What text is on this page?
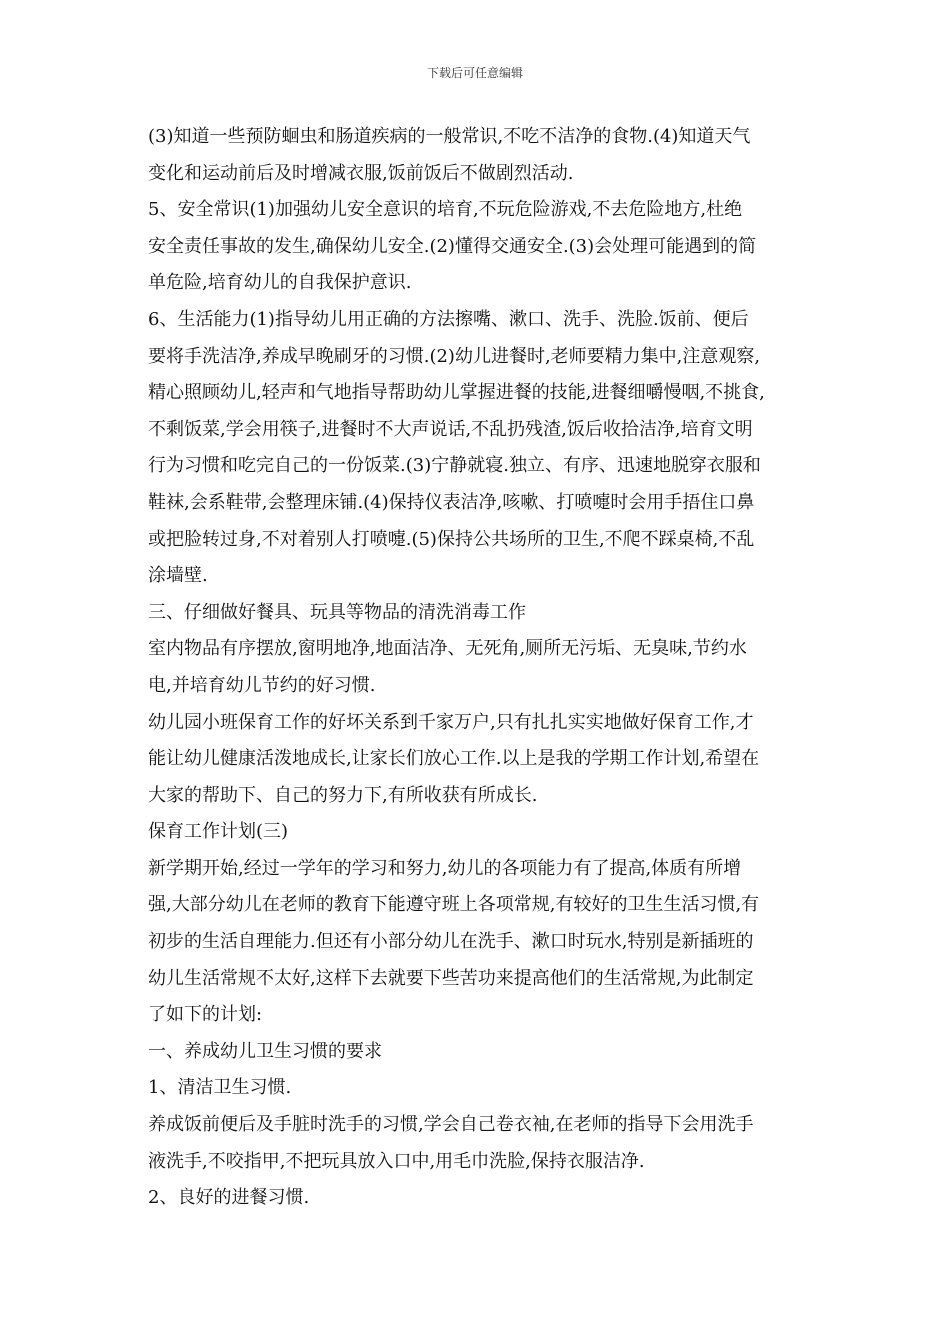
下载后可任意编辑
(3)知道一些预防蛔虫和肠道疾病的一般常识,不吃不洁净的食物.(4)知道天气
变化和运动前后及时增减衣服,饭前饭后不做剧烈活动.
5、安全常识(1)加强幼儿安全意识的培育,不玩危险游戏,不去危险地方,杜绝
安全责任事故的发生,确保幼儿安全.(2)懂得交通安全.(3)会处理可能遇到的简
单危险,培育幼儿的自我保护意识.
6、生活能力(1)指导幼儿用正确的方法擦嘴、漱口、洗手、洗脸.饭前、便后
要将手洗洁净,养成早晚刷牙的习惯.(2)幼儿进餐时,老师要精力集中,注意观察,
精心照顾幼儿,轻声和气地指导帮助幼儿掌握进餐的技能,进餐细嚼慢咽,不挑食,
不剩饭菜,学会用筷子,进餐时不大声说话,不乱扔残渣,饭后收拾洁净,培育文明
行为习惯和吃完自己的一份饭菜.(3)宁静就寝.独立、有序、迅速地脱穿衣服和
鞋袜,会系鞋带,会整理床铺.(4)保持仪表洁净,咳嗽、打喷嚏时会用手捂住口鼻
或把脸转过身,不对着别人打喷嚏.(5)保持公共场所的卫生,不爬不踩桌椅,不乱
涂墙壁.
三、仔细做好餐具、玩具等物品的清洗消毒工作
室内物品有序摆放,窗明地净,地面洁净、无死角,厕所无污垢、无臭味,节约水
电,并培育幼儿节约的好习惯.
幼儿园小班保育工作的好坏关系到千家万户,只有扎扎实实地做好保育工作,才
能让幼儿健康活泼地成长,让家长们放心工作.以上是我的学期工作计划,希望在
大家的帮助下、自己的努力下,有所收获有所成长.
保育工作计划(三)
新学期开始,经过一学年的学习和努力,幼儿的各项能力有了提高,体质有所增
强,大部分幼儿在老师的教育下能遵守班上各项常规,有较好的卫生生活习惯,有
初步的生活自理能力.但还有小部分幼儿在洗手、漱口时玩水,特别是新插班的
幼儿生活常规不太好,这样下去就要下些苦功来提高他们的生活常规,为此制定
了如下的计划:
一、养成幼儿卫生习惯的要求
1、清洁卫生习惯.
养成饭前便后及手脏时洗手的习惯,学会自己卷衣袖,在老师的指导下会用洗手
液洗手,不咬指甲,不把玩具放入口中,用毛巾洗脸,保持衣服洁净.
2、良好的进餐习惯.
